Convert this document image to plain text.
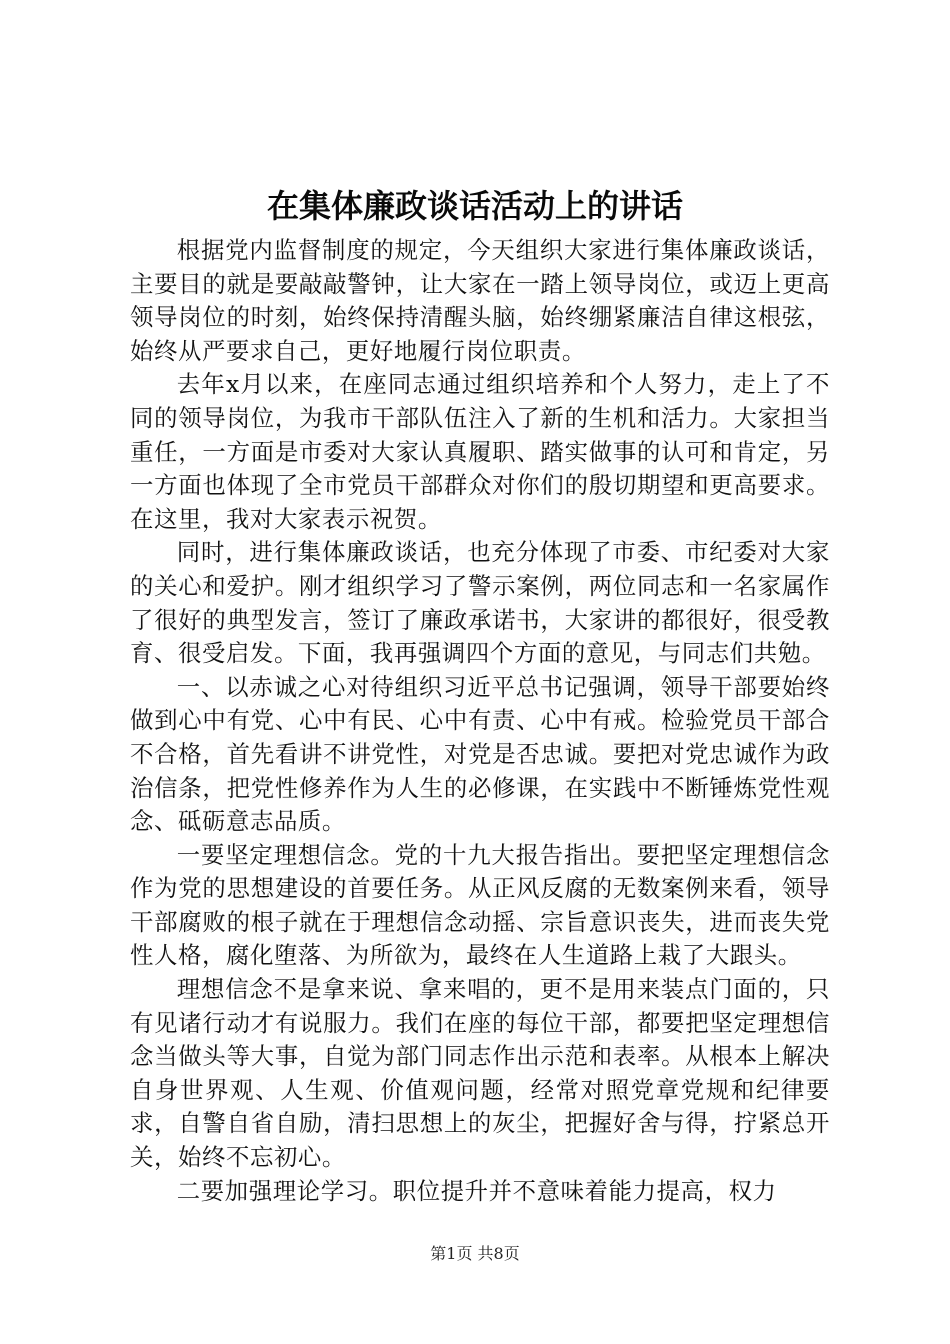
在集体廉政谈话活动上的讲话

根据党内监督制度的规定，今天组织大家进行集体廉政谈话，主要目的就是要敲敲警钟，让大家在一踏上领导岗位，或迈上更高领导岗位的时刻，始终保持清醒头脑，始终绷紧廉洁自律这根弦，始终从严要求自己，更好地履行岗位职责。

去年x月以来，在座同志通过组织培养和个人努力，走上了不同的领导岗位，为我市干部队伍注入了新的生机和活力。大家担当重任，一方面是市委对大家认真履职、踏实做事的认可和肯定，另一方面也体现了全市党员干部群众对你们的殷切期望和更高要求。在这里，我对大家表示祝贺。

同时，进行集体廉政谈话，也充分体现了市委、市纪委对大家的关心和爱护。刚才组织学习了警示案例，两位同志和一名家属作了很好的典型发言，签订了廉政承诺书，大家讲的都很好，很受教育、很受启发。下面，我再强调四个方面的意见，与同志们共勉。

一、以赤诚之心对待组织习近平总书记强调，领导干部要始终做到心中有党、心中有民、心中有责、心中有戒。检验党员干部合不合格，首先看讲不讲党性，对党是否忠诚。要把对党忠诚作为政治信条，把党性修养作为人生的必修课，在实践中不断锤炼党性观念、砥砺意志品质。

一要坚定理想信念。党的十九大报告指出。要把坚定理想信念作为党的思想建设的首要任务。从正风反腐的无数案例来看，领导干部腐败的根子就在于理想信念动摇、宗旨意识丧失，进而丧失党性人格，腐化堕落、为所欲为，最终在人生道路上栽了大跟头。

理想信念不是拿来说、拿来唱的，更不是用来装点门面的，只有见诸行动才有说服力。我们在座的每位干部，都要把坚定理想信念当做头等大事，自觉为部门同志作出示范和表率。从根本上解决自身世界观、人生观、价值观问题，经常对照党章党规和纪律要求，自警自省自励，清扫思想上的灰尘，把握好舍与得，拧紧总开关，始终不忘初心。

二要加强理论学习。职位提升并不意味着能力提高，权力

第1页 共8页
